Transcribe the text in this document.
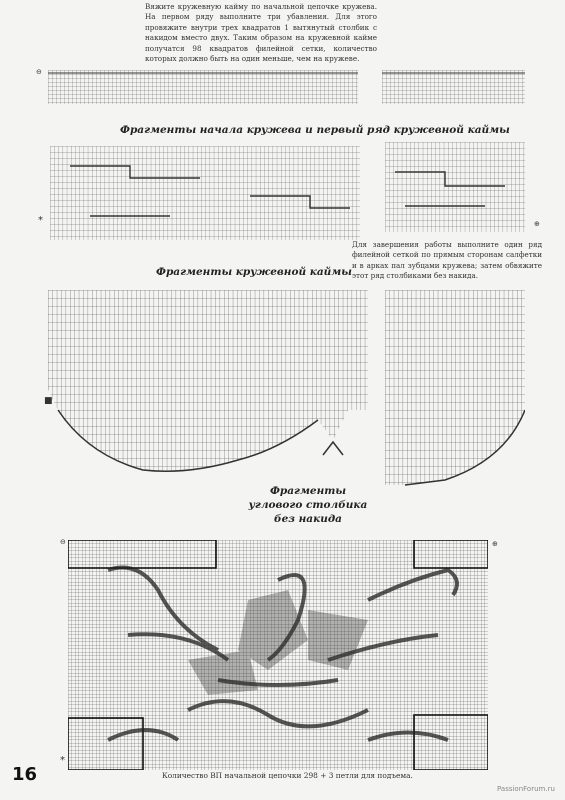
Вяжите кружевную кайму по начальной цепочке кружева. На первом ряду выполните три убавления. Для этого провяжите внутри трех квадратов 1 вытянутый столбик с накидом вместо двух. Таким образом на кружевной кайме получатся 98 квадратов филейной сетки, количество которых должно быть на один меньше, чем на кружеве.
⊖
Фрагменты начала кружева и первый ряд кружевной каймы
*	⊕
Для завершения работы выполните один ряд филейной сеткой по прямым сторонам салфетки и в арках пал зубцами кружева; затем обвяжите этот ряд столбиками без накида.
Фрагменты кружевной каймы
■
Фрагменты углового столбика без накида
⊖	⊕
*
16	Количество ВП начальной цепочки 298 + 3 петли для подъема.
PassionForum.ru
